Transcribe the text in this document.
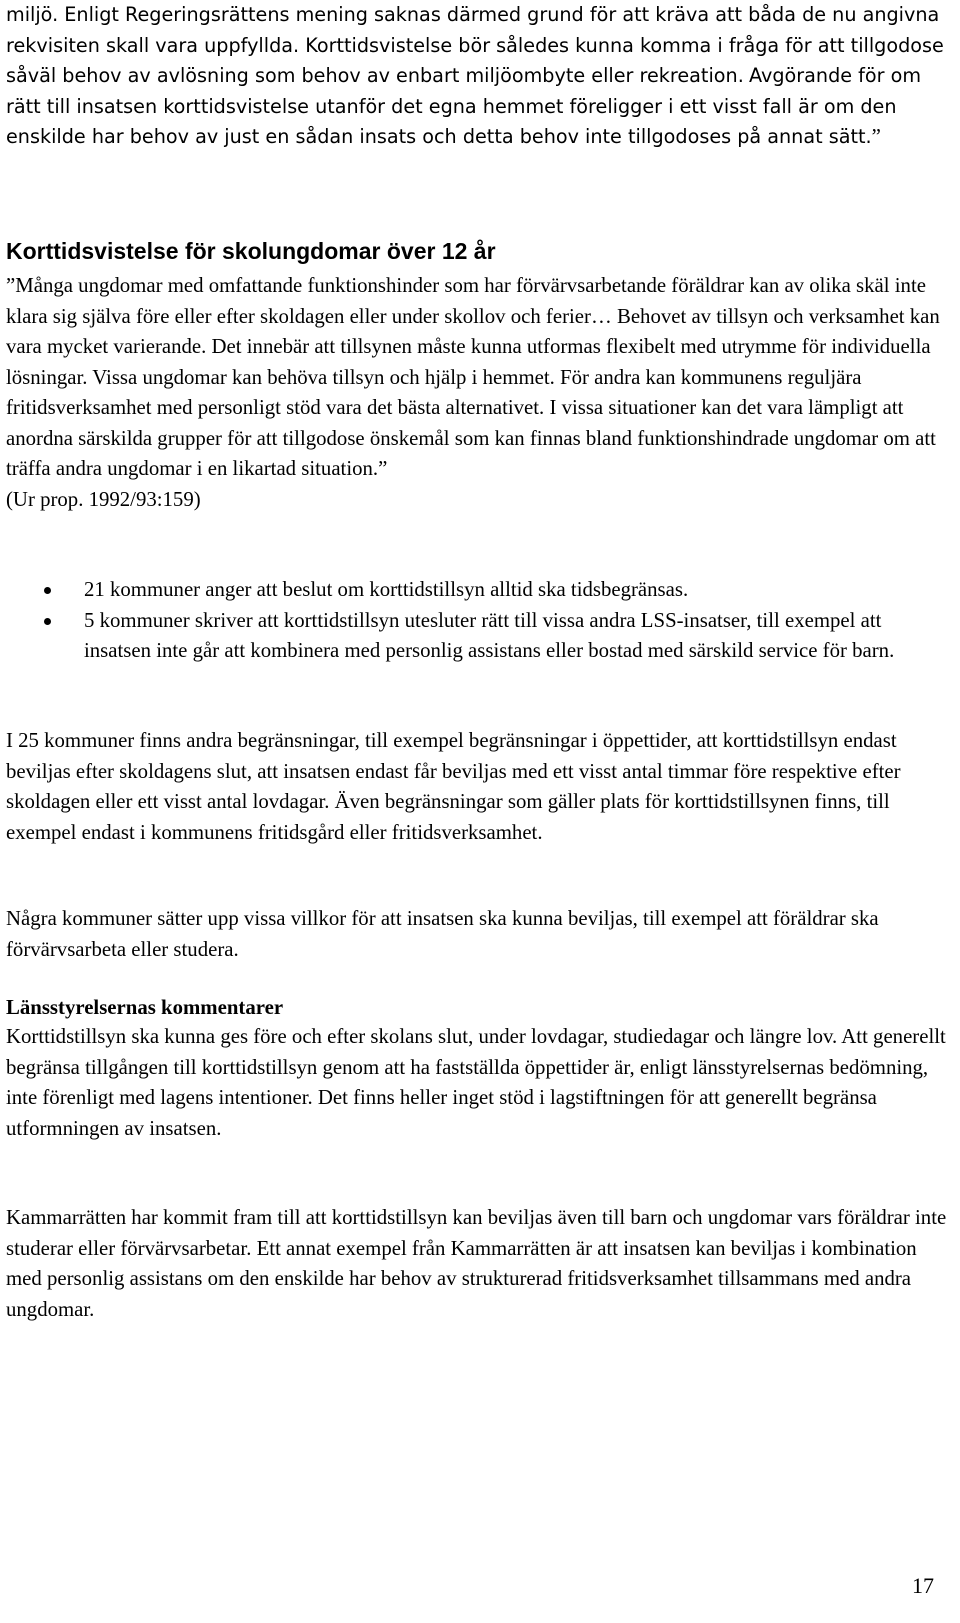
miljö. Enligt Regeringsrättens mening saknas därmed grund för att kräva att båda de nu angivna rekvisiten skall vara uppfyllda. Korttidsvistelse bör således kunna komma i fråga för att tillgodose såväl behov av avlösning som behov av enbart miljöombyte eller rekreation. Avgörande för om rätt till insatsen korttidsvistelse utanför det egna hemmet föreligger i ett visst fall är om den enskilde har behov av just en sådan insats och detta behov inte tillgodoses på annat sätt.”

Korttidsvistelse för skolungdomar över 12 år

”Många ungdomar med omfattande funktionshinder som har förvärvsarbetande föräldrar kan av olika skäl inte klara sig själva före eller efter skoldagen eller under skollov och ferier… Behovet av tillsyn och verksamhet kan vara mycket varierande. Det innebär att tillsynen måste kunna utformas flexibelt med utrymme för individuella lösningar. Vissa ungdomar kan behöva tillsyn och hjälp i hemmet. För andra kan kommunens reguljära fritidsverksamhet med personligt stöd vara det bästa alternativet. I vissa situationer kan det vara lämpligt att anordna särskilda grupper för att tillgodose önskemål som kan finnas bland funktionshindrade ungdomar om att träffa andra ungdomar i en likartad situation.”
(Ur prop. 1992/93:159)

21 kommuner anger att beslut om korttidstillsyn alltid ska tidsbegränsas.
5 kommuner skriver att korttidstillsyn utesluter rätt till vissa andra LSS-insatser, till exempel att insatsen inte går att kombinera med personlig assistans eller bostad med särskild service för barn.

I 25 kommuner finns andra begränsningar, till exempel begränsningar i öppettider, att korttidstillsyn endast beviljas efter skoldagens slut, att insatsen endast får beviljas med ett visst antal timmar före respektive efter skoldagen eller ett visst antal lovdagar. Även begränsningar som gäller plats för korttidstillsynen finns, till exempel endast i kommunens fritidsgård eller fritidsverksamhet.

Några kommuner sätter upp vissa villkor för att insatsen ska kunna beviljas, till exempel att föräldrar ska förvärvsarbeta eller studera.

Länsstyrelsernas kommentarer

Korttidstillsyn ska kunna ges före och efter skolans slut, under lovdagar, studiedagar och längre lov. Att generellt begränsa tillgången till korttidstillsyn genom att ha fastställda öppettider är, enligt länsstyrelsernas bedömning, inte förenligt med lagens intentioner. Det finns heller inget stöd i lagstiftningen för att generellt begränsa utformningen av insatsen.

Kammarrätten har kommit fram till att korttidstillsyn kan beviljas även till barn och ungdomar vars föräldrar inte studerar eller förvärvsarbetar. Ett annat exempel från Kammarrätten är att insatsen kan beviljas i kombination med personlig assistans om den enskilde har behov av strukturerad fritidsverksamhet tillsammans med andra ungdomar.

17
